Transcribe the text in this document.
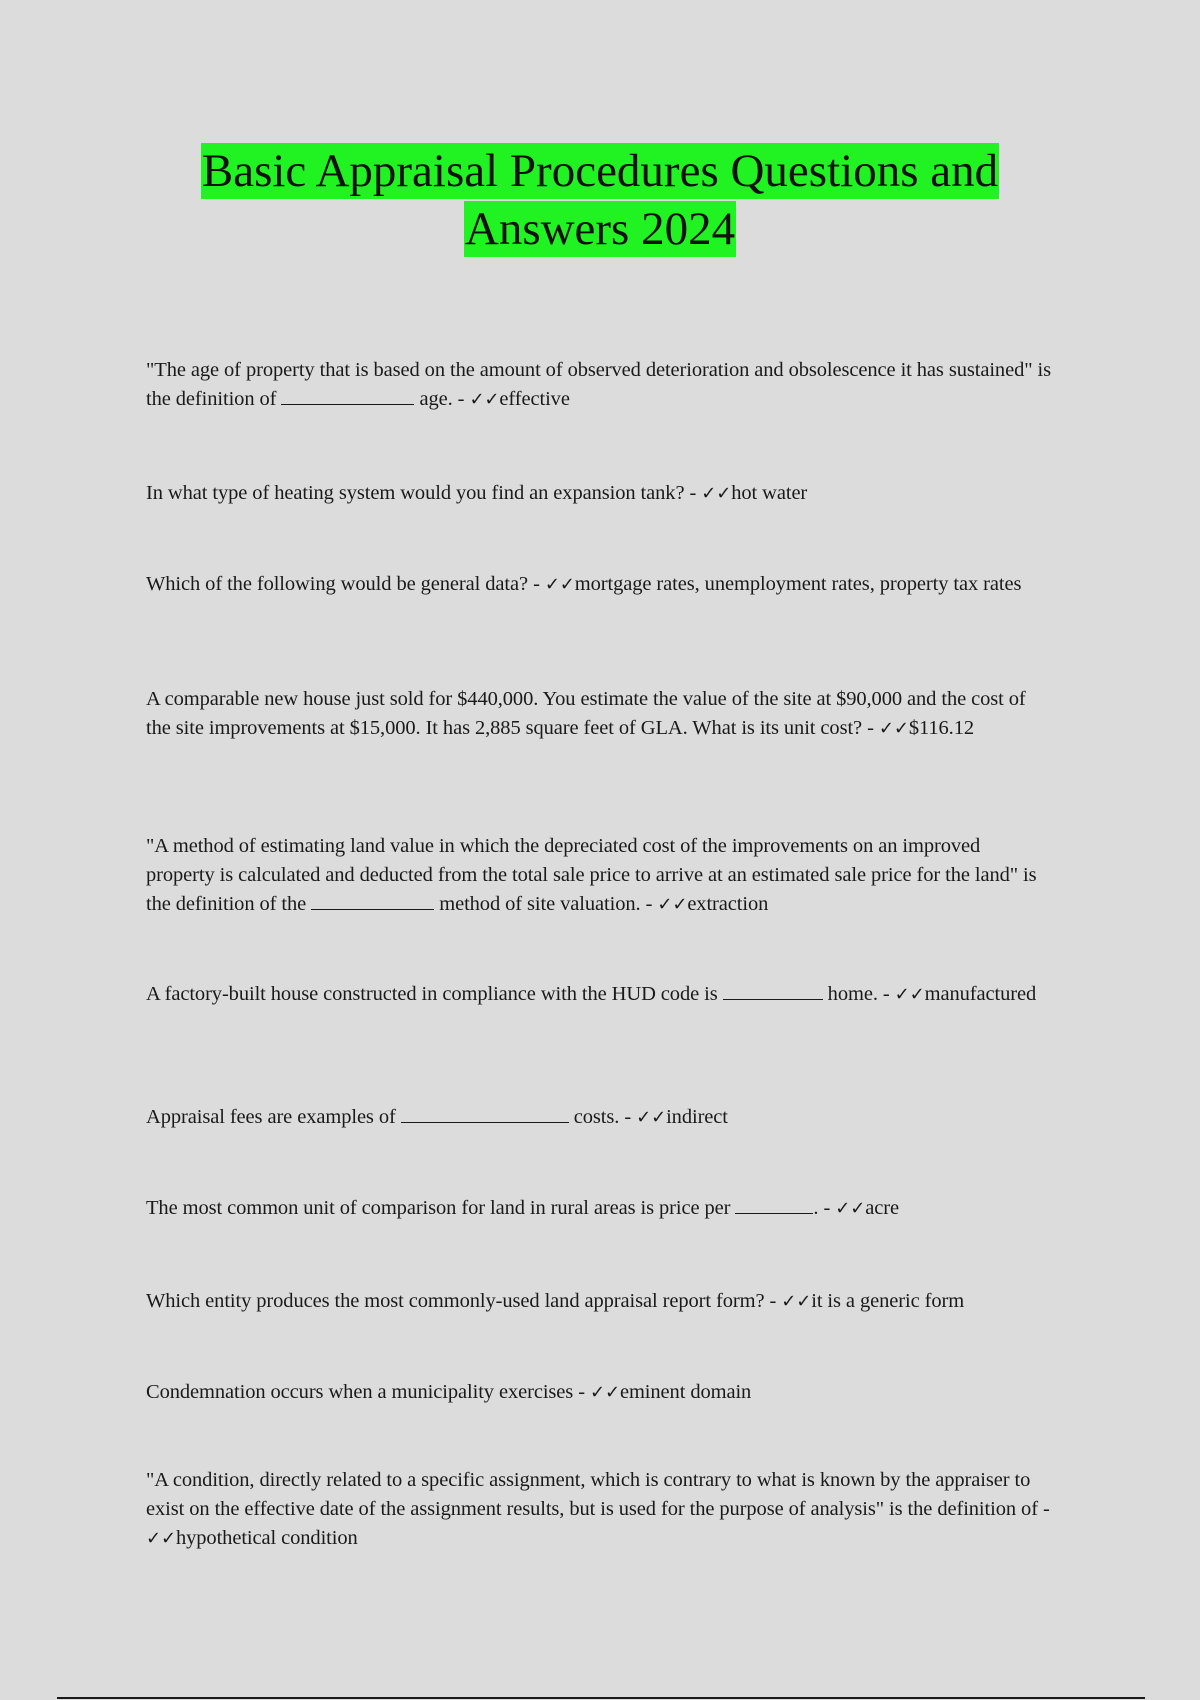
Basic Appraisal Procedures Questions and
Answers 2024

"The age of property that is based on the amount of observed deterioration and obsolescence it has sustained" is the definition of	age. - ✓✓effective

In what type of heating system would you find an expansion tank? - ✓✓hot water

Which of the following would be general data? - ✓✓mortgage rates, unemployment rates, property tax rates

A comparable new house just sold for $440,000. You estimate the value of the site at $90,000 and the cost of the site improvements at $15,000. It has 2,885 square feet of GLA. What is its unit cost? - ✓✓$116.12

"A method of estimating land value in which the depreciated cost of the improvements on an improved property is calculated and deducted from the total sale price to arrive at an estimated sale price for the land" is the definition of the	method of site valuation. - ✓✓extraction

A factory-built house constructed in compliance with the HUD code is	home. - ✓✓manufactured

Appraisal fees are examples of	costs. - ✓✓indirect

The most common unit of comparison for land in rural areas is price per	. - ✓✓acre

Which entity produces the most commonly-used land appraisal report form? - ✓✓it is a generic form

Condemnation occurs when a municipality exercises - ✓✓eminent domain

"A condition, directly related to a specific assignment, which is contrary to what is known by the appraiser to exist on the effective date of the assignment results, but is used for the purpose of analysis" is the definition of - ✓✓hypothetical condition
